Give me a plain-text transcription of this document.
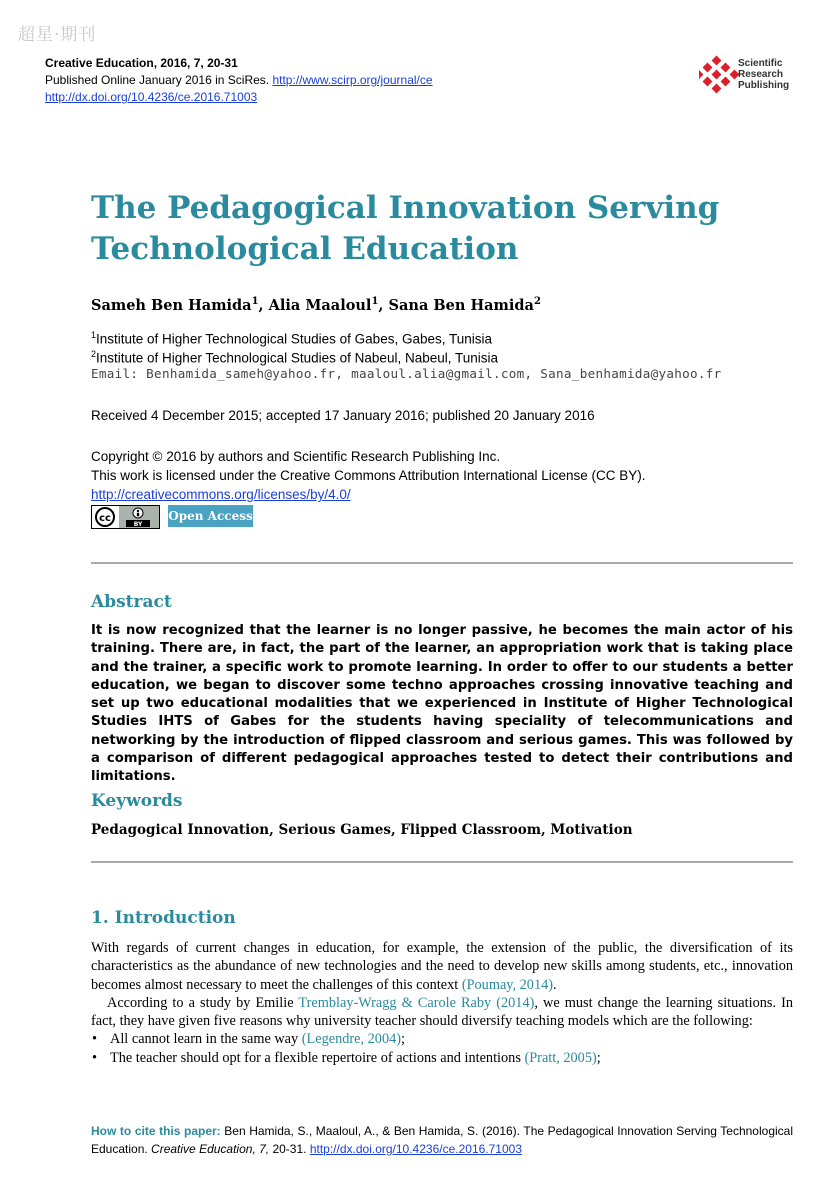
超星·期刊
Creative Education, 2016, 7, 20-31
Published Online January 2016 in SciRes. http://www.scirp.org/journal/ce
http://dx.doi.org/10.4236/ce.2016.71003
Scientific
Research
Publishing
The Pedagogical Innovation Serving Technological Education
Sameh Ben Hamida$^1$, Alia Maaloul$^1$, Sana Ben Hamida$^2$
$^1$Institute of Higher Technological Studies of Gabes, Gabes, Tunisia
$^2$Institute of Higher Technological Studies of Nabeul, Nabeul, Tunisia
Email: Benhamida_sameh@yahoo.fr, maaloul.alia@gmail.com, Sana_benhamida@yahoo.fr
Received 4 December 2015; accepted 17 January 2016; published 20 January 2016
Copyright © 2016 by authors and Scientific Research Publishing Inc.
This work is licensed under the Creative Commons Attribution International License (CC BY).
http://creativecommons.org/licenses/by/4.0/
cc
BY
Open Access
Abstract
It is now recognized that the learner is no longer passive, he becomes the main actor of his training. There are, in fact, the part of the learner, an appropriation work that is taking place and the trainer, a specific work to promote learning. In order to offer to our students a better education, we began to discover some techno approaches crossing innovative teaching and set up two educational modalities that we experienced in Institute of Higher Technological Studies IHTS of Gabes for the students having speciality of telecommunications and networking by the introduction of flipped classroom and serious games. This was followed by a comparison of different pedagogical approaches tested to detect their contributions and limitations.
Keywords
Pedagogical Innovation, Serious Games, Flipped Classroom, Motivation
1. Introduction
With regards of current changes in education, for example, the extension of the public, the diversification of its characteristics as the abundance of new technologies and the need to develop new skills among students, etc., innovation becomes almost necessary to meet the challenges of this context (Poumay, 2014).
According to a study by Emilie Tremblay-Wragg & Carole Raby (2014), we must change the learning situations. In fact, they have given five reasons why university teacher should diversify teaching models which are the following:
• All cannot learn in the same way (Legendre, 2004);
• The teacher should opt for a flexible repertoire of actions and intentions (Pratt, 2005);
How to cite this paper: Ben Hamida, S., Maaloul, A., & Ben Hamida, S. (2016). The Pedagogical Innovation Serving Technological Education. Creative Education, 7, 20-31. http://dx.doi.org/10.4236/ce.2016.71003
